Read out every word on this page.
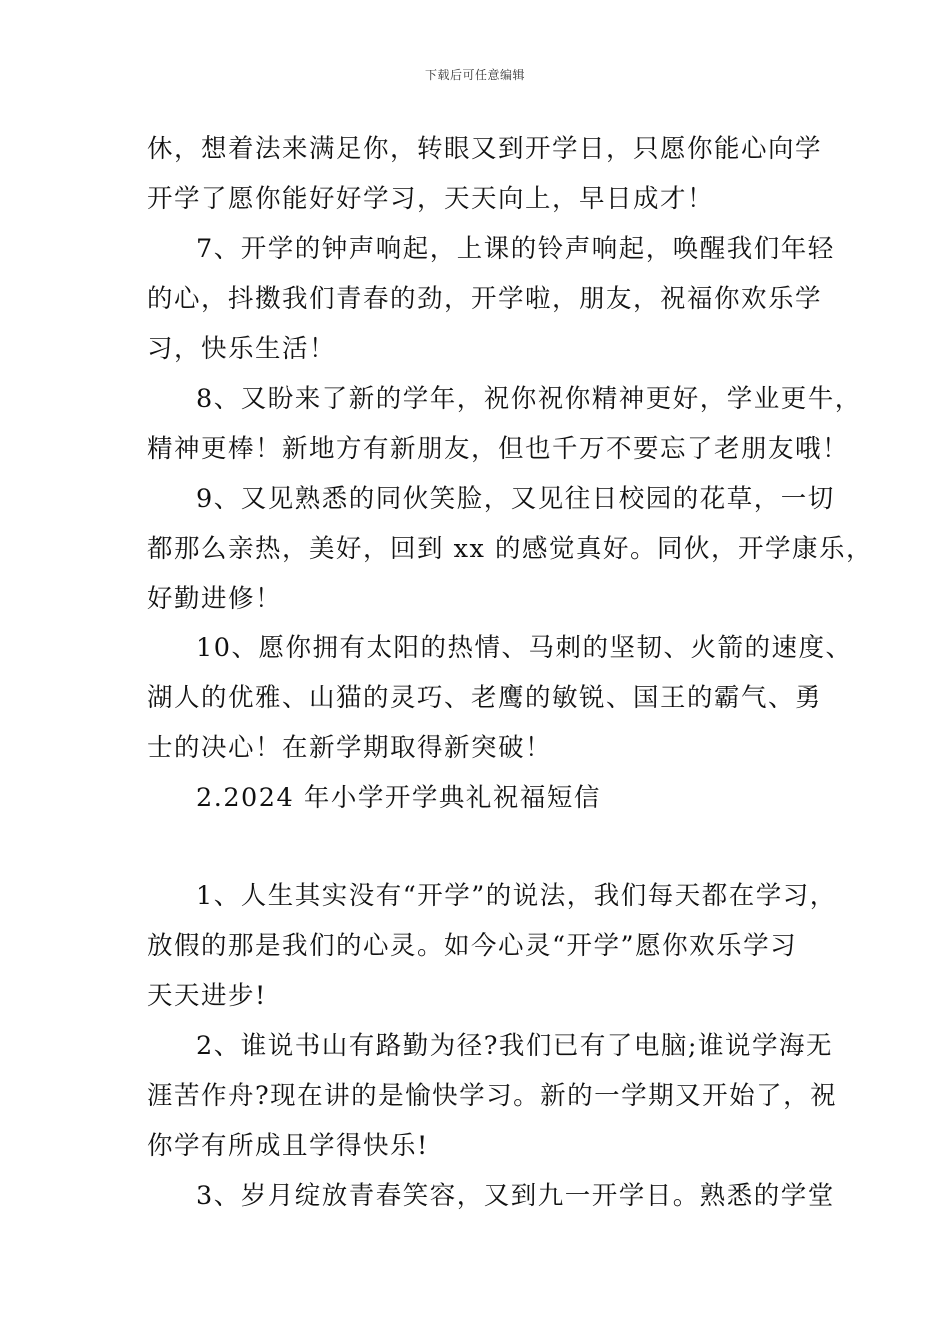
下载后可任意编辑
休，想着法来满足你，转眼又到开学日，只愿你能心向学
开学了愿你能好好学习，天天向上，早日成才！
7、开学的钟声响起，上课的铃声响起，唤醒我们年轻
的心，抖擞我们青春的劲，开学啦，朋友，祝福你欢乐学
习，快乐生活！
8、又盼来了新的学年，祝你祝你精神更好，学业更牛，
精神更棒！新地方有新朋友，但也千万不要忘了老朋友哦！
9、又见熟悉的同伙笑脸，又见往日校园的花草，一切
都那么亲热，美好，回到 xx 的感觉真好。同伙，开学康乐，
好勤进修！
10、愿你拥有太阳的热情、马刺的坚韧、火箭的速度、
湖人的优雅、山猫的灵巧、老鹰的敏锐、国王的霸气、勇
士的决心！在新学期取得新突破！
2.2024 年小学开学典礼祝福短信
1、人生其实没有“开学”的说法，我们每天都在学习，
放假的那是我们的心灵。如今心灵“开学”愿你欢乐学习
天天进步!
2、谁说书山有路勤为径?我们已有了电脑;谁说学海无
涯苦作舟?现在讲的是愉快学习。新的一学期又开始了，祝
你学有所成且学得快乐!
3、岁月绽放青春笑容，又到九一开学日。熟悉的学堂
